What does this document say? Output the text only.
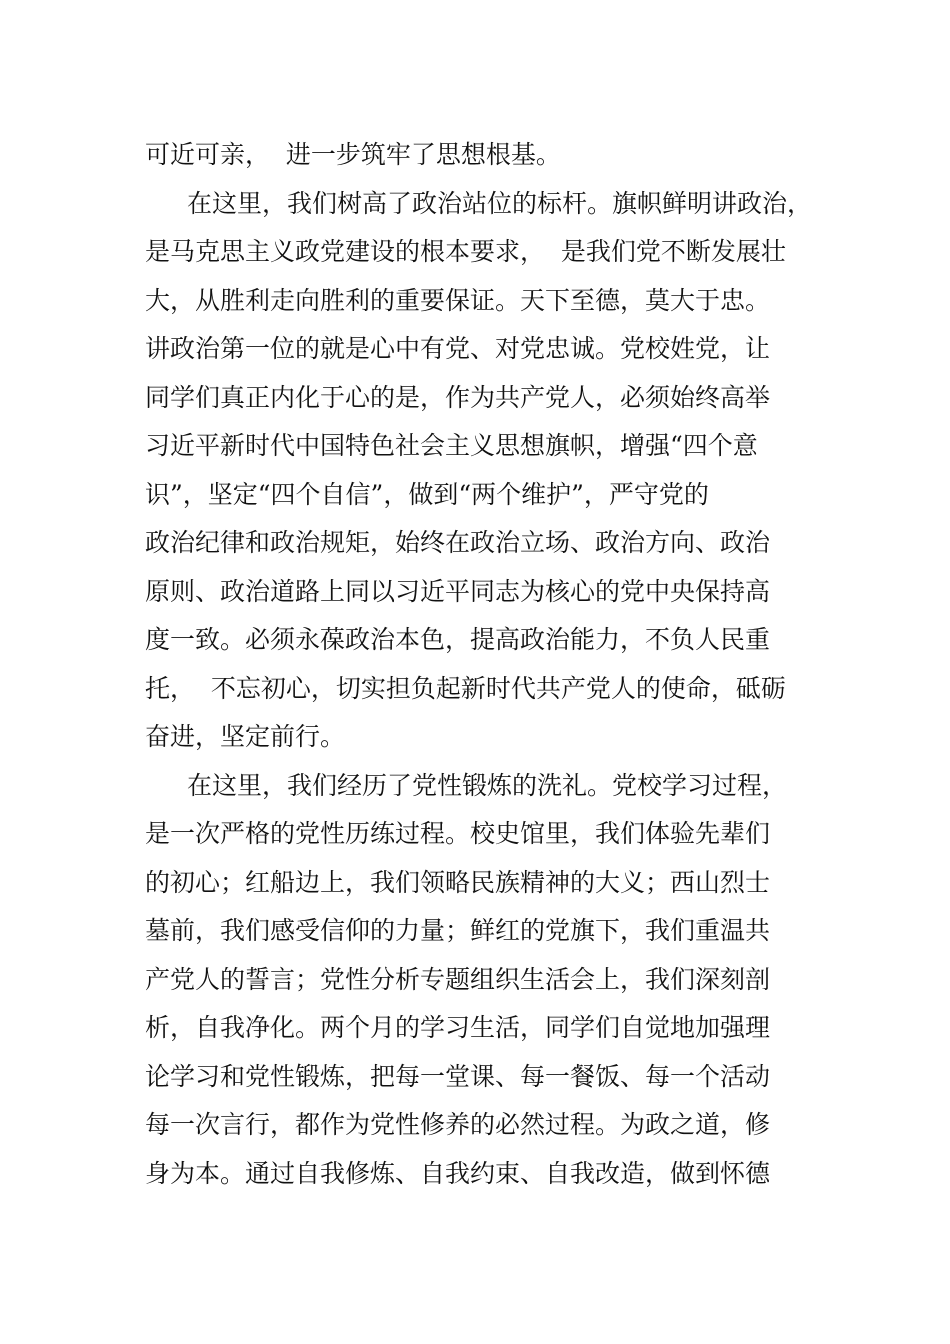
可近可亲，  进一步筑牢了思想根基。
在这里，我们树高了政治站位的标杆。旗帜鲜明讲政治，
是马克思主义政党建设的根本要求，  是我们党不断发展壮
大，从胜利走向胜利的重要保证。天下至德，莫大于忠。
讲政治第一位的就是心中有党、对党忠诚。党校姓党，让
同学们真正内化于心的是，作为共产党人，必须始终高举
习近平新时代中国特色社会主义思想旗帜，增强“四个意
识”，坚定“四个自信”，做到“两个维护”，严守党的
政治纪律和政治规矩，始终在政治立场、政治方向、政治
原则、政治道路上同以习近平同志为核心的党中央保持高
度一致。必须永葆政治本色，提高政治能力，不负人民重
托，  不忘初心，切实担负起新时代共产党人的使命，砥砺
奋进，坚定前行。
在这里，我们经历了党性锻炼的洗礼。党校学习过程，
是一次严格的党性历练过程。校史馆里，我们体验先辈们
的初心；红船边上，我们领略民族精神的大义；西山烈士
墓前，我们感受信仰的力量；鲜红的党旗下，我们重温共
产党人的誓言；党性分析专题组织生活会上，我们深刻剖
析，自我净化。两个月的学习生活，同学们自觉地加强理
论学习和党性锻炼，把每一堂课、每一餐饭、每一个活动
每一次言行，都作为党性修养的必然过程。为政之道，修
身为本。通过自我修炼、自我约束、自我改造，做到怀德
